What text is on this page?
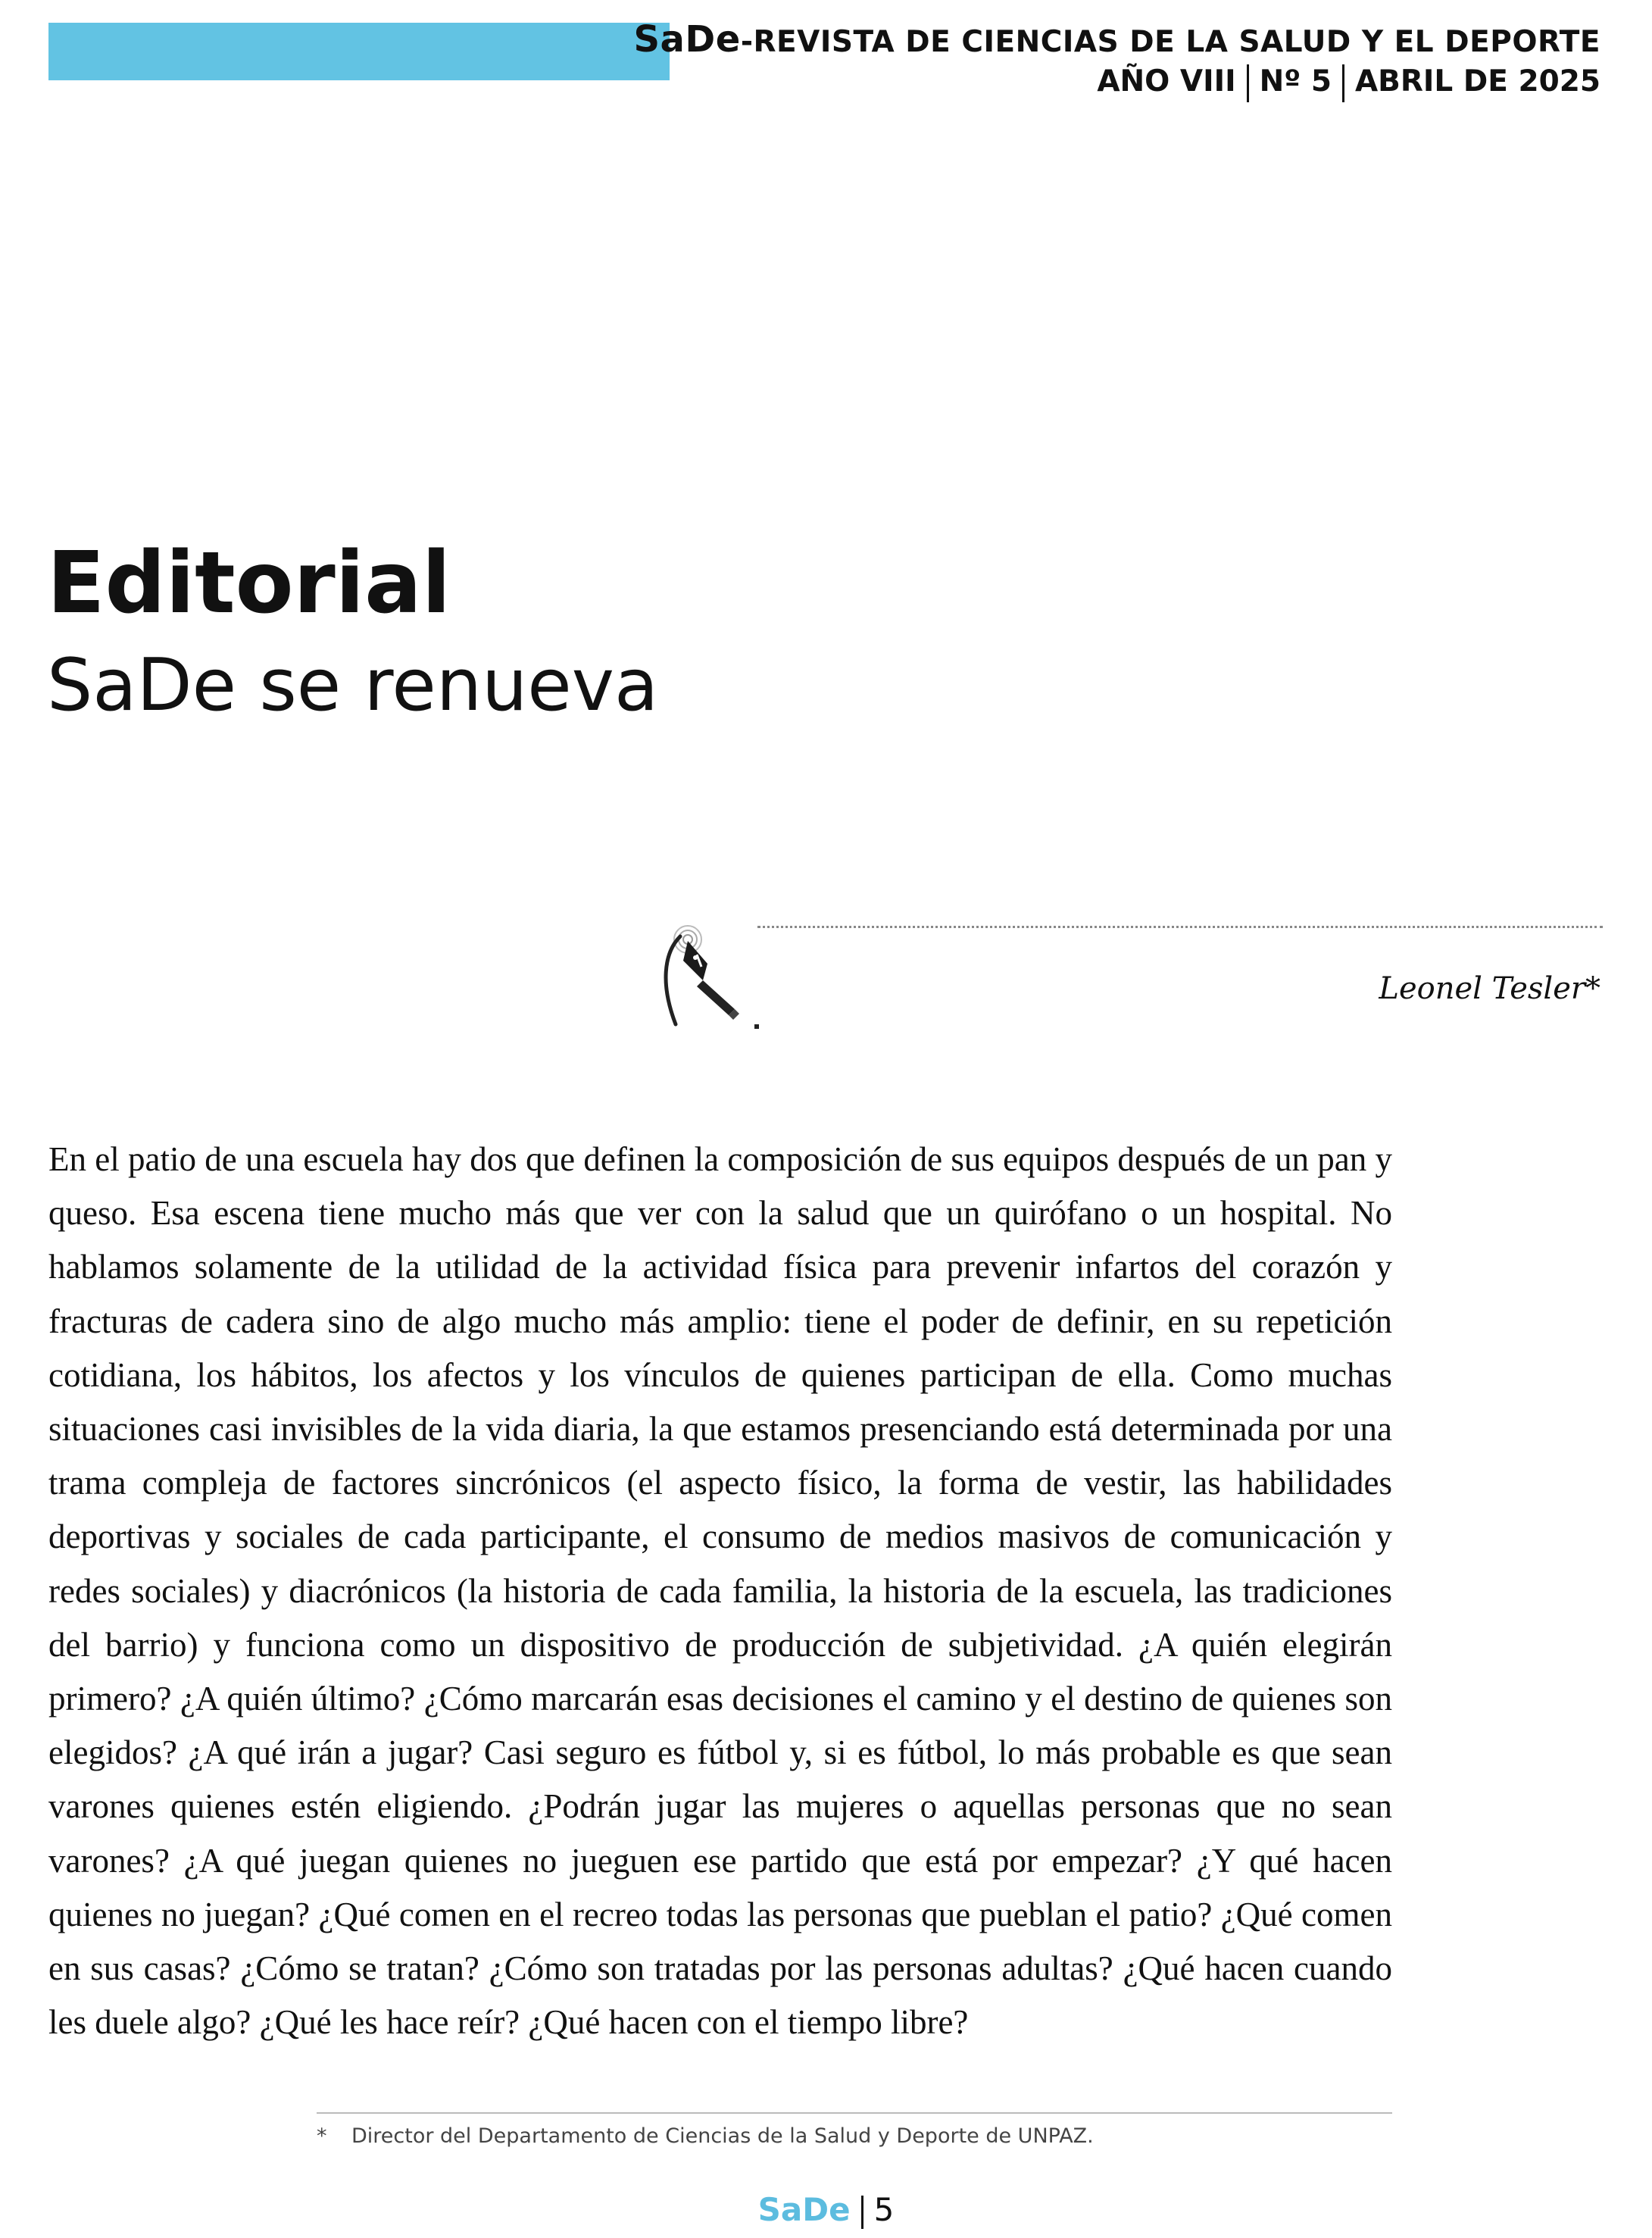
SaDe-REVISTA DE CIENCIAS DE LA SALUD Y EL DEPORTE
AÑO VIII Nº 5 ABRIL DE 2025
Editorial
SaDe se renueva
Leonel Tesler*

En el patio de una escuela hay dos que definen la composición de sus equipos después de un pan y queso. Esa escena tiene mucho más que ver con la salud que un quirófano o un hospital. No hablamos solamente de la utilidad de la actividad física para prevenir infartos del corazón y fracturas de cadera sino de algo mucho más amplio: tiene el poder de definir, en su repetición cotidiana, los hábitos, los afectos y los vínculos de quienes participan de ella. Como muchas situaciones casi invisibles de la vida diaria, la que estamos presenciando está determinada por una trama compleja de factores sincrónicos (el aspecto físico, la forma de vestir, las habilidades deportivas y sociales de cada participante, el consumo de medios masivos de comunicación y redes sociales) y diacrónicos (la historia de cada familia, la historia de la escuela, las tradiciones del barrio) y funciona como un dispositivo de producción de subjetividad. ¿A quién elegirán primero? ¿A quién último? ¿Cómo marcarán esas decisiones el camino y el destino de quienes son elegidos? ¿A qué irán a jugar? Casi seguro es fútbol y, si es fútbol, lo más probable es que sean varones quienes estén eligiendo. ¿Podrán jugar las mujeres o aquellas personas que no sean varones? ¿A qué juegan quienes no jueguen ese partido que está por empezar? ¿Y qué hacen quienes no juegan? ¿Qué comen en el recreo todas las personas que pueblan el patio? ¿Qué comen en sus casas? ¿Cómo se tratan? ¿Cómo son tratadas por las personas adultas? ¿Qué hacen cuando les duele algo? ¿Qué les hace reír? ¿Qué hacen con el tiempo libre?

* Director del Departamento de Ciencias de la Salud y Deporte de UNPAZ.
SaDe 5
